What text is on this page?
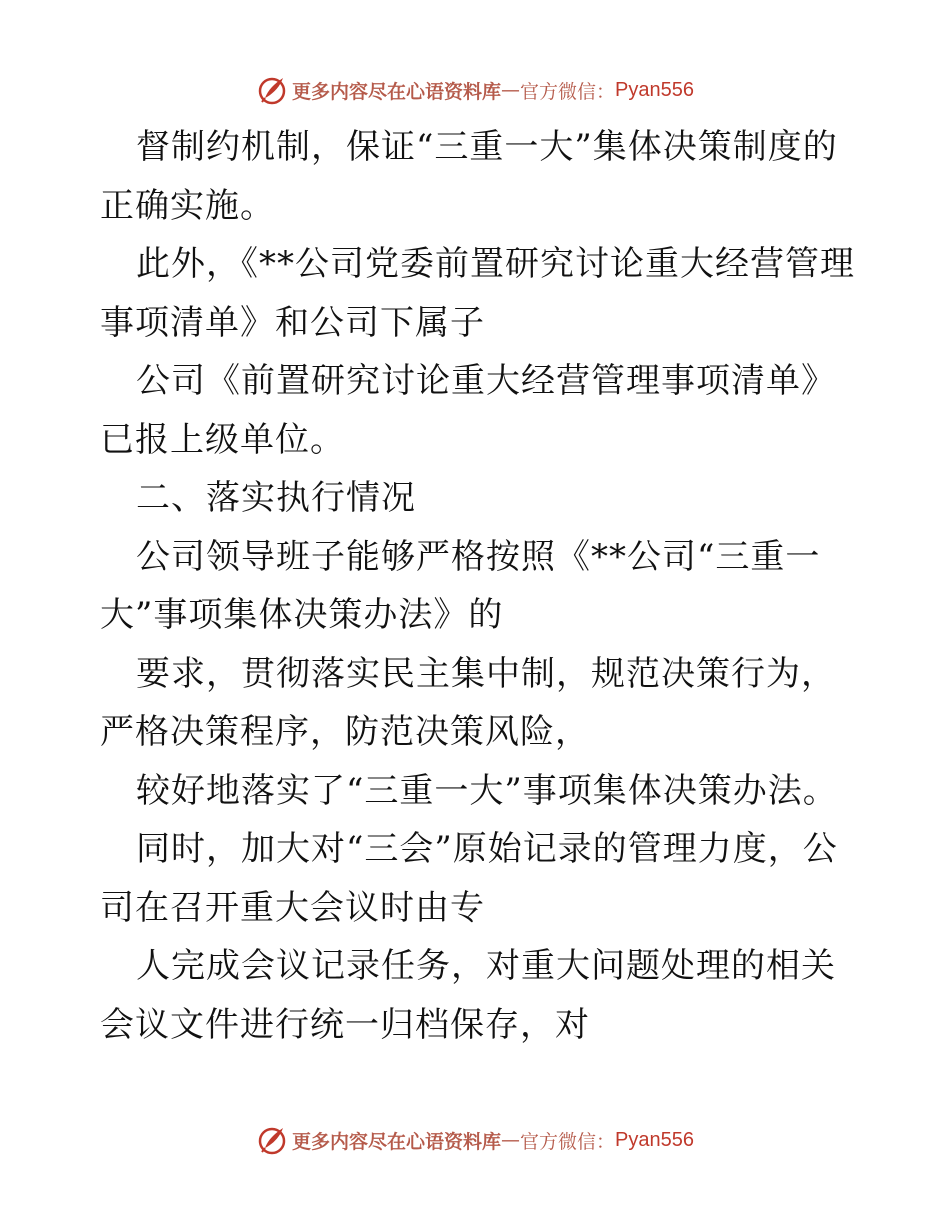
更多内容尽在心语资料库 — 官方微信： Pyan556

督制约机制，保证“三重一大”集体决策制度的正确实施。

此外，《**公司党委前置研究讨论重大经营管理事项清单》和公司下属子

公司《前置研究讨论重大经营管理事项清单》已报上级单位。

二、落实执行情况

公司领导班子能够严格按照《**公司“三重一大”事项集体决策办法》的

要求，贯彻落实民主集中制，规范决策行为，严格决策程序，防范决策风险，

较好地落实了“三重一大”事项集体决策办法。

同时，加大对“三会”原始记录的管理力度，公司在召开重大会议时由专

人完成会议记录任务，对重大问题处理的相关会议文件进行统一归档保存，对

更多内容尽在心语资料库 — 官方微信： Pyan556
